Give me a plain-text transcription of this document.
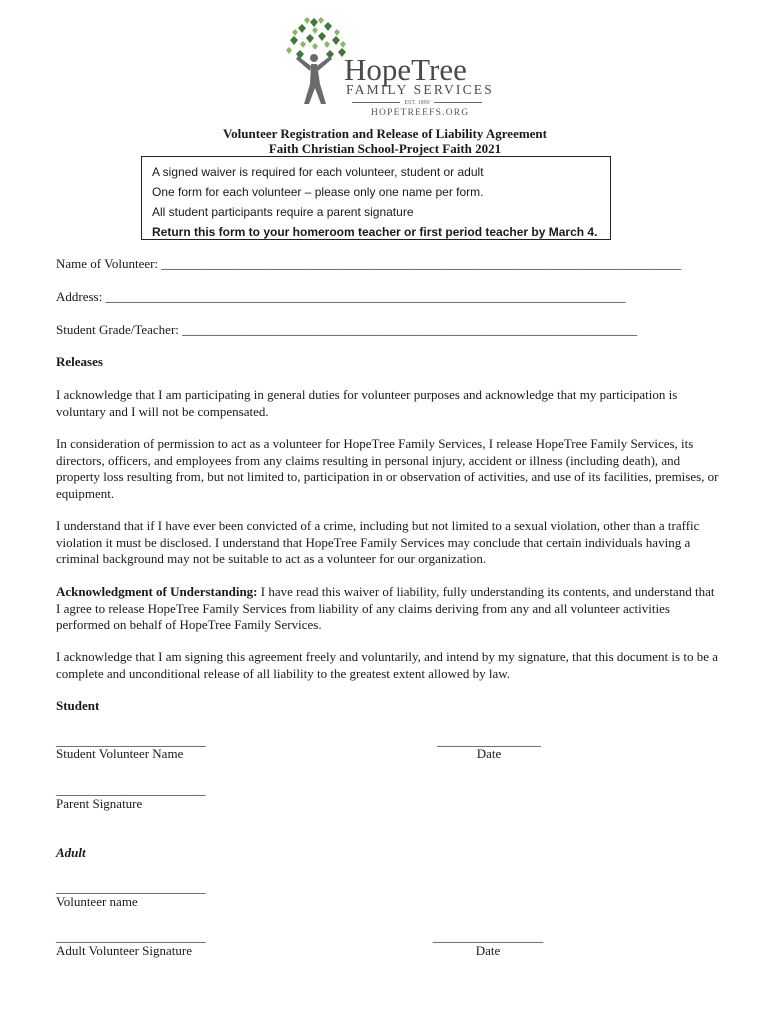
HopeTree
FAMILY SERVICES
EST. 1890
HOPETREEFS.ORG
Volunteer Registration and Release of Liability Agreement
Faith Christian School-Project Faith 2021
A signed waiver is required for each volunteer, student or adult
One form for each volunteer – please only one name per form.
All student participants require a parent signature
Return this form to your homeroom teacher or first period teacher by March 4.
Name of Volunteer: ________________________________________________________________________________
Address: ________________________________________________________________________________
Student Grade/Teacher: ______________________________________________________________________
Releases
I acknowledge that I am participating in general duties for volunteer purposes and acknowledge that my participation is voluntary and I will not be compensated.
In consideration of permission to act as a volunteer for HopeTree Family Services, I release HopeTree Family Services, its directors, officers, and employees from any claims resulting in personal injury, accident or illness (including death), and property loss resulting from, but not limited to, participation in or observation of activities, and use of its facilities, premises, or equipment.
I understand that if I have ever been convicted of a crime, including but not limited to a sexual violation, other than a traffic violation it must be disclosed. I understand that HopeTree Family Services may conclude that certain individuals having a criminal background may not be suitable to act as a volunteer for our organization.
Acknowledgment of Understanding: I have read this waiver of liability, fully understanding its contents, and understand that I agree to release HopeTree Family Services from liability of any claims deriving from any and all volunteer activities performed on behalf of HopeTree Family Services.
I acknowledge that I am signing this agreement freely and voluntarily, and intend by my signature, that this document is to be a complete and unconditional release of all liability to the greatest extent allowed by law.
Student
_______________________
Student Volunteer Name
________________
Date
_______________________
Parent Signature
Adult
_______________________
Volunteer name
_______________________
Adult Volunteer Signature
_________________
Date
